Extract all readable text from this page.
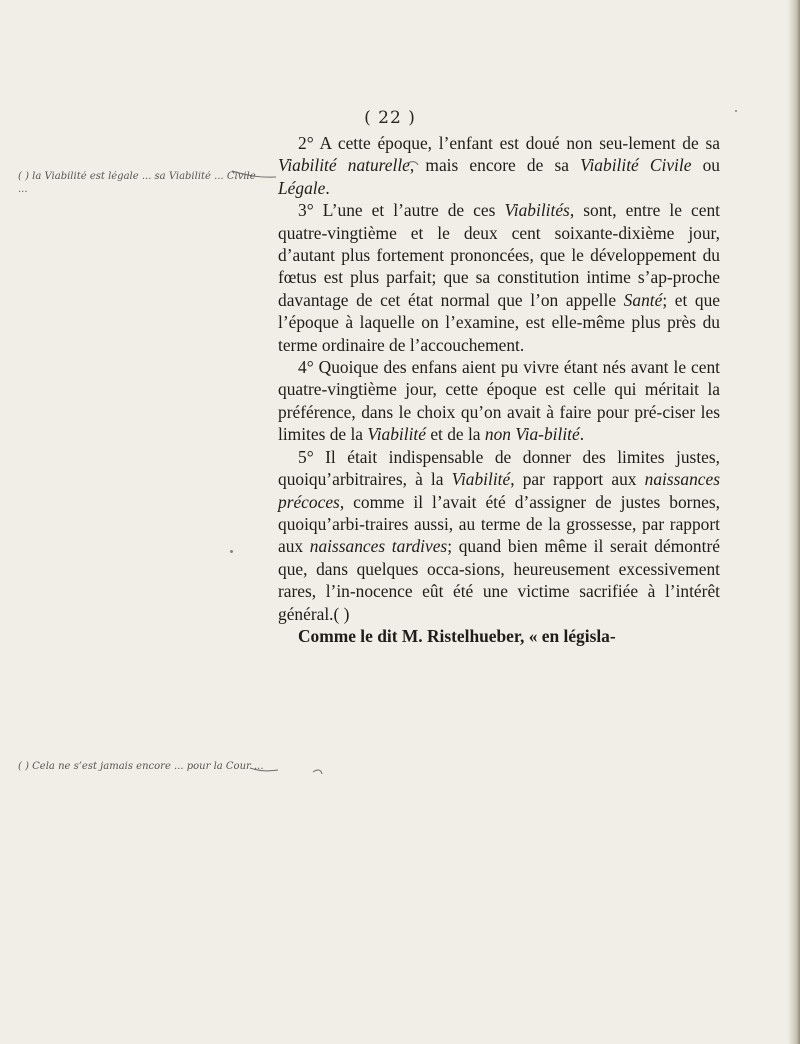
( 22 )

2° A cette époque, l’enfant est doué non seu-lement de sa Viabilité naturelle, mais encore de sa Viabilité Civile ou Légale.

3° L’une et l’autre de ces Viabilités, sont, entre le cent quatre-vingtième et le deux cent soixante-dixième jour, d’autant plus fortement prononcées, que le développement du fœtus est plus parfait; que sa constitution intime s’ap-proche davantage de cet état normal que l’on appelle Santé; et que l’époque à laquelle on l’examine, est elle-même plus près du terme ordinaire de l’accouchement.

4° Quoique des enfans aient pu vivre étant nés avant le cent quatre-vingtième jour, cette époque est celle qui méritait la préférence, dans le choix qu’on avait à faire pour pré-ciser les limites de la Viabilité et de la non Via-bilité.

5° Il était indispensable de donner des limites justes, quoiqu’arbitraires, à la Viabilité, par rapport aux naissances précoces, comme il l’avait été d’assigner de justes bornes, quoiqu’arbi-traires aussi, au terme de la grossesse, par rapport aux naissances tardives; quand bien même il serait démontré que, dans quelques occa-sions, heureusement excessivement rares, l’in-nocence eût été une victime sacrifiée à l’intérêt général.( )

Comme le dit M. Ristelhueber, « en législa-

( ) la Viabilité est légale ... sa Viabilité ... Civile ...
( ) Cela ne s’est jamais encore ... pour la Cour ...
